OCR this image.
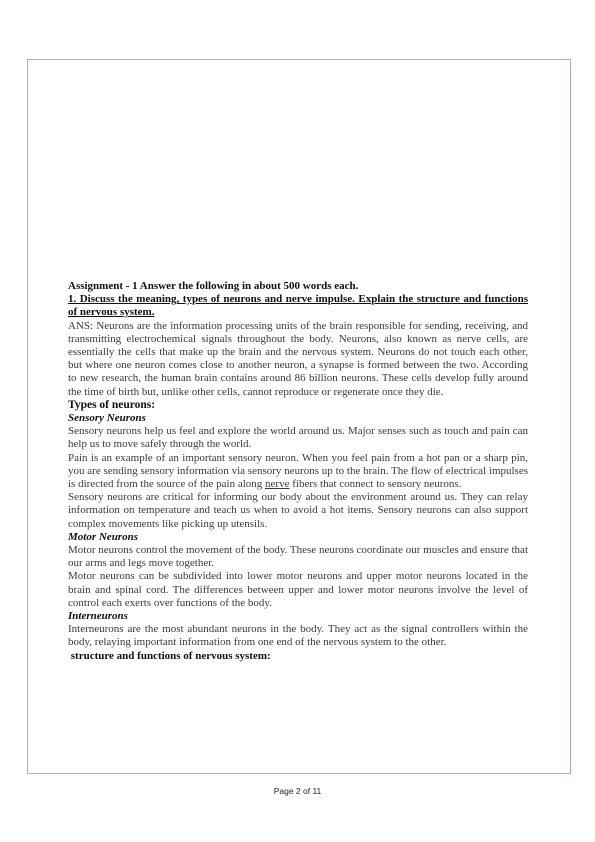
Assignment - 1 Answer the following in about 500 words each.

1. Discuss the meaning, types of neurons and nerve impulse. Explain the structure and functions of nervous system.

ANS: Neurons are the information processing units of the brain responsible for sending, receiving, and transmitting electrochemical signals throughout the body. Neurons, also known as nerve cells, are essentially the cells that make up the brain and the nervous system. Neurons do not touch each other, but where one neuron comes close to another neuron, a synapse is formed between the two. According to new research, the human brain contains around 86 billion neurons. These cells develop fully around the time of birth but, unlike other cells, cannot reproduce or regenerate once they die.

Types of neurons:

Sensory Neurons

Sensory neurons help us feel and explore the world around us. Major senses such as touch and pain can help us to move safely through the world.

Pain is an example of an important sensory neuron. When you feel pain from a hot pan or a sharp pin, you are sending sensory information via sensory neurons up to the brain. The flow of electrical impulses is directed from the source of the pain along nerve fibers that connect to sensory neurons.

Sensory neurons are critical for informing our body about the environment around us. They can relay information on temperature and teach us when to avoid a hot items. Sensory neurons can also support complex movements like picking up utensils.

Motor Neurons

Motor neurons control the movement of the body. These neurons coordinate our muscles and ensure that our arms and legs move together.

Motor neurons can be subdivided into lower motor neurons and upper motor neurons located in the brain and spinal cord. The differences between upper and lower motor neurons involve the level of control each exerts over functions of the body.

Interneurons

Interneurons are the most abundant neurons in the body. They act as the signal controllers within the body, relaying important information from one end of the nervous system to the other.

structure and functions of nervous system:

Page 2 of 11
